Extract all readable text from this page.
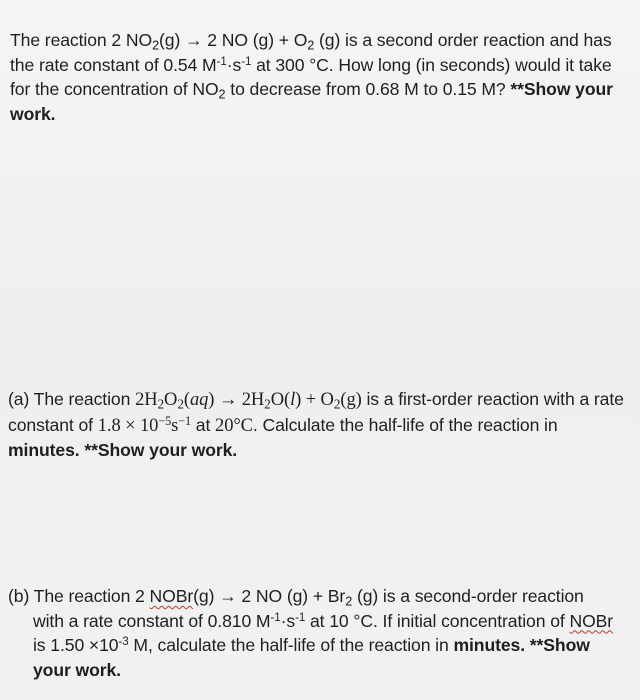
The reaction 2 $NO_2(g) \to 2$ NO $(g) + O_2$ (g) is a second order reaction and has the rate constant of 0.54 $M^{-1}\cdot s^{-1}$ at 300 °C. How long (in seconds) would it take for the concentration of $NO_2$ to decrease from 0.68 M to 0.15 M? **Show your work.
(a) The reaction $2H_2O_2(aq) \to 2H_2O(l) + O_2(g)$ is a first-order reaction with a rate constant of $1.8 \times 10^{-5}s^{-1}$ at 20°C. Calculate the half-life of the reaction in minutes. **Show your work.
(b) The reaction 2 NOBr(g) → 2 NO $(g) + Br_2$ (g) is a second-order reaction
with a rate constant of 0.810 $M^{-1}\cdot s^{-1}$ at 10 °C. If initial concentration of NOBr
is $1.50 \times 10^{-3}$ M, calculate the half-life of the reaction in minutes. **Show
your work.
